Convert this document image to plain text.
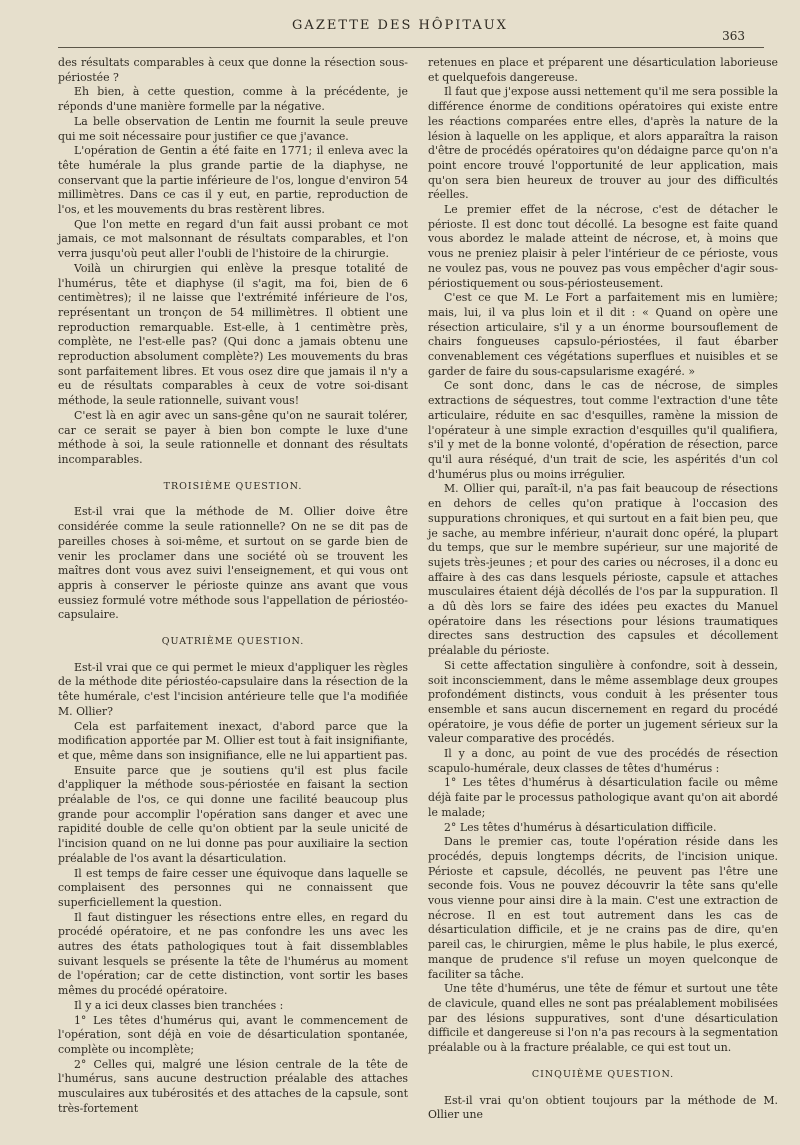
GAZETTE DES HÔPITAUX
363

des résultats comparables à ceux que donne la résection sous-périostée ?

Eh bien, à cette question, comme à la précédente, je réponds d'une manière formelle par la négative.

La belle observation de Lentin me fournit la seule preuve qui me soit nécessaire pour justifier ce que j'avance.

L'opération de Gentin a été faite en 1771; il enleva avec la tête humérale la plus grande partie de la diaphyse, ne conservant que la partie inférieure de l'os, longue d'environ 54 millimètres. Dans ce cas il y eut, en partie, reproduction de l'os, et les mouvements du bras restèrent libres.

Que l'on mette en regard d'un fait aussi probant ce mot jamais, ce mot malsonnant de résultats comparables, et l'on verra jusqu'où peut aller l'oubli de l'histoire de la chirurgie.

Voilà un chirurgien qui enlève la presque totalité de l'humérus, tête et diaphyse (il s'agit, ma foi, bien de 6 centimètres); il ne laisse que l'extrémité inférieure de l'os, représentant un tronçon de 54 millimètres. Il obtient une reproduction remarquable. Est-elle, à 1 centimètre près, complète, ne l'est-elle pas? (Qui donc a jamais obtenu une reproduction absolument complète?) Les mouvements du bras sont parfaitement libres. Et vous osez dire que jamais il n'y a eu de résultats comparables à ceux de votre soi-disant méthode, la seule rationnelle, suivant vous!

C'est là en agir avec un sans-gêne qu'on ne saurait tolérer, car ce serait se payer à bien bon compte le luxe d'une méthode à soi, la seule rationnelle et donnant des résultats incomparables.

TROISIÈME QUESTION.

Est-il vrai que la méthode de M. Ollier doive être considérée comme la seule rationnelle? On ne se dit pas de pareilles choses à soi-même, et surtout on se garde bien de venir les proclamer dans une société où se trouvent les maîtres dont vous avez suivi l'enseignement, et qui vous ont appris à conserver le périoste quinze ans avant que vous eussiez formulé votre méthode sous l'appellation de périostéo-capsulaire.

QUATRIÈME QUESTION.

Est-il vrai que ce qui permet le mieux d'appliquer les règles de la méthode dite périostéo-capsulaire dans la résection de la tête humérale, c'est l'incision antérieure telle que l'a modifiée M. Ollier?

Cela est parfaitement inexact, d'abord parce que la modification apportée par M. Ollier est tout à fait insignifiante, et que, même dans son insignifiance, elle ne lui appartient pas.

Ensuite parce que je soutiens qu'il est plus facile d'appliquer la méthode sous-périostée en faisant la section préalable de l'os, ce qui donne une facilité beaucoup plus grande pour accomplir l'opération sans danger et avec une rapidité double de celle qu'on obtient par la seule unicité de l'incision quand on ne lui donne pas pour auxiliaire la section préalable de l'os avant la désarticulation.

Il est temps de faire cesser une équivoque dans laquelle se complaisent des personnes qui ne connaissent que superficiellement la question.

Il faut distinguer les résections entre elles, en regard du procédé opératoire, et ne pas confondre les uns avec les autres des états pathologiques tout à fait dissemblables suivant lesquels se présente la tête de l'humérus au moment de l'opération; car de cette distinction, vont sortir les bases mêmes du procédé opératoire.

Il y a ici deux classes bien tranchées :

1° Les têtes d'humérus qui, avant le commencement de l'opération, sont déjà en voie de désarticulation spontanée, complète ou incomplète;

2° Celles qui, malgré une lésion centrale de la tête de l'humérus, sans aucune destruction préalable des attaches musculaires aux tubérosités et des attaches de la capsule, sont très-fortement

retenues en place et préparent une désarticulation laborieuse et quelquefois dangereuse.

Il faut que j'expose aussi nettement qu'il me sera possible la différence énorme de conditions opératoires qui existe entre les réactions comparées entre elles, d'après la nature de la lésion à laquelle on les applique, et alors apparaîtra la raison d'être de procédés opératoires qu'on dédaigne parce qu'on n'a point encore trouvé l'opportunité de leur application, mais qu'on sera bien heureux de trouver au jour des difficultés réelles.

Le premier effet de la nécrose, c'est de détacher le périoste. Il est donc tout décollé. La besogne est faite quand vous abordez le malade atteint de nécrose, et, à moins que vous ne preniez plaisir à peler l'intérieur de ce périoste, vous ne voulez pas, vous ne pouvez pas vous empêcher d'agir sous-périostiquement ou sous-périosteusement.

C'est ce que M. Le Fort a parfaitement mis en lumière; mais, lui, il va plus loin et il dit : « Quand on opère une résection articulaire, s'il y a un énorme boursouflement de chairs fongueuses capsulo-périostées, il faut ébarber convenablement ces végétations superflues et nuisibles et se garder de faire du sous-capsularisme exagéré. »

Ce sont donc, dans le cas de nécrose, de simples extractions de séquestres, tout comme l'extraction d'une tête articulaire, réduite en sac d'esquilles, ramène la mission de l'opérateur à une simple exraction d'esquilles qu'il qualifiera, s'il y met de la bonne volonté, d'opération de résection, parce qu'il aura réséqué, d'un trait de scie, les aspérités d'un col d'humérus plus ou moins irrégulier.

M. Ollier qui, paraît-il, n'a pas fait beaucoup de résections en dehors de celles qu'on pratique à l'occasion des suppurations chroniques, et qui surtout en a fait bien peu, que je sache, au membre inférieur, n'aurait donc opéré, la plupart du temps, que sur le membre supérieur, sur une majorité de sujets très-jeunes ; et pour des caries ou nécroses, il a donc eu affaire à des cas dans lesquels périoste, capsule et attaches musculaires étaient déjà décollés de l'os par la suppuration. Il a dû dès lors se faire des idées peu exactes du Manuel opératoire dans les résections pour lésions traumatiques directes sans destruction des capsules et décollement préalable du périoste.

Si cette affectation singulière à confondre, soit à dessein, soit inconsciemment, dans le même assemblage deux groupes profondément distincts, vous conduit à les présenter tous ensemble et sans aucun discernement en regard du procédé opératoire, je vous défie de porter un jugement sérieux sur la valeur comparative des procédés.

Il y a donc, au point de vue des procédés de résection scapulo-humérale, deux classes de têtes d'humérus :

1° Les têtes d'humérus à désarticulation facile ou même déjà faite par le processus pathologique avant qu'on ait abordé le malade;

2° Les têtes d'humérus à désarticulation difficile.

Dans le premier cas, toute l'opération réside dans les procédés, depuis longtemps décrits, de l'incision unique. Périoste et capsule, décollés, ne peuvent pas l'être une seconde fois. Vous ne pouvez découvrir la tête sans qu'elle vous vienne pour ainsi dire à la main. C'est une extraction de nécrose. Il en est tout autrement dans les cas de désarticulation difficile, et je ne crains pas de dire, qu'en pareil cas, le chirurgien, même le plus habile, le plus exercé, manque de prudence s'il refuse un moyen quelconque de faciliter sa tâche.

Une tête d'humérus, une tête de fémur et surtout une tête de clavicule, quand elles ne sont pas préalablement mobilisées par des lésions suppuratives, sont d'une désarticulation difficile et dangereuse si l'on n'a pas recours à la segmentation préalable ou à la fracture préalable, ce qui est tout un.

CINQUIÈME QUESTION.

Est-il vrai qu'on obtient toujours par la méthode de M. Ollier une
